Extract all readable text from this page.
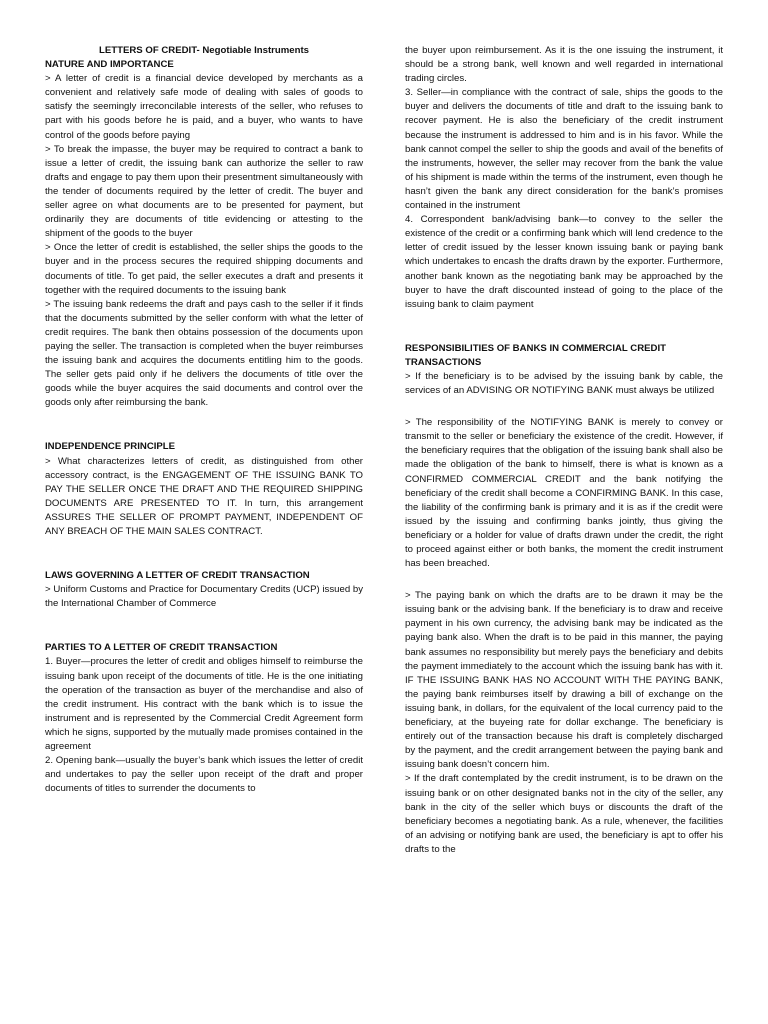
LETTERS OF CREDIT- Negotiable Instruments

NATURE AND IMPORTANCE

> A letter of credit is a financial device developed by merchants as a convenient and relatively safe mode of dealing with sales of goods to satisfy the seemingly irreconcilable interests of the seller, who refuses to part with his goods before he is paid, and a buyer, who wants to have control of the goods before paying

> To break the impasse, the buyer may be required to contract a bank to issue a letter of credit, the issuing bank can authorize the seller to raw drafts and engage to pay them upon their presentment simultaneously with the tender of documents required by the letter of credit. The buyer and seller agree on what documents are to be presented for payment, but ordinarily they are documents of title evidencing or attesting to the shipment of the goods to the buyer

> Once the letter of credit is established, the seller ships the goods to the buyer and in the process secures the required shipping documents and documents of title. To get paid, the seller executes a draft and presents it together with the required documents to the issuing bank

> The issuing bank redeems the draft and pays cash to the seller if it finds that the documents submitted by the seller conform with what the letter of credit requires. The bank then obtains possession of the documents upon paying the seller. The transaction is completed when the buyer reimburses the issuing bank and acquires the documents entitling him to the goods. The seller gets paid only if he delivers the documents of title over the goods while the buyer acquires the said documents and control over the goods only after reimbursing the bank.

INDEPENDENCE PRINCIPLE

> What characterizes letters of credit, as distinguished from other accessory contract, is the ENGAGEMENT OF THE ISSUING BANK TO PAY THE SELLER ONCE THE DRAFT AND THE REQUIRED SHIPPING DOCUMENTS ARE PRESENTED TO IT. In turn, this arrangement ASSURES THE SELLER OF PROMPT PAYMENT, INDEPENDENT OF ANY BREACH OF THE MAIN SALES CONTRACT.

LAWS GOVERNING A LETTER OF CREDIT TRANSACTION

> Uniform Customs and Practice for Documentary Credits (UCP) issued by the International Chamber of Commerce

PARTIES TO A LETTER OF CREDIT TRANSACTION

1. Buyer—procures the letter of credit and obliges himself to reimburse the issuing bank upon receipt of the documents of title. He is the one initiating the operation of the transaction as buyer of the merchandise and also of the credit instrument. His contract with the bank which is to issue the instrument and is represented by the Commercial Credit Agreement form which he signs, supported by the mutually made promises contained in the agreement

2. Opening bank—usually the buyer’s bank which issues the letter of credit and undertakes to pay the seller upon receipt of the draft and proper documents of titles to surrender the documents to

the buyer upon reimbursement. As it is the one issuing the instrument, it should be a strong bank, well known and well regarded in international trading circles.

3. Seller—in compliance with the contract of sale, ships the goods to the buyer and delivers the documents of title and draft to the issuing bank to recover payment. He is also the beneficiary of the credit instrument because the instrument is addressed to him and is in his favor. While the bank cannot compel the seller to ship the goods and avail of the benefits of the instruments, however, the seller may recover from the bank the value of his shipment is made within the terms of the instrument, even though he hasn’t given the bank any direct consideration for the bank’s promises contained in the instrument

4. Correspondent bank/advising bank—to convey to the seller the existence of the credit or a confirming bank which will lend credence to the letter of credit issued by the lesser known issuing bank or paying bank which undertakes to encash the drafts drawn by the exporter. Furthermore, another bank known as the negotiating bank may be approached by the buyer to have the draft discounted instead of going to the place of the issuing bank to claim payment

RESPONSIBILITIES OF BANKS IN COMMERCIAL CREDIT TRANSACTIONS

> If the beneficiary is to be advised by the issuing bank by cable, the services of an ADVISING OR NOTIFYING BANK must always be utilized

> The responsibility of the NOTIFYING BANK is merely to convey or transmit to the seller or beneficiary the existence of the credit. However, if the beneficiary requires that the obligation of the issuing bank shall also be made the obligation of the bank to himself, there is what is known as a CONFIRMED COMMERCIAL CREDIT and the bank notifying the beneficiary of the credit shall become a CONFIRMING BANK. In this case, the liability of the confirming bank is primary and it is as if the credit were issued by the issuing and confirming banks jointly, thus giving the beneficiary or a holder for value of drafts drawn under the credit, the right to proceed against either or both banks, the moment the credit instrument has been breached.

> The paying bank on which the drafts are to be drawn it may be the issuing bank or the advising bank. If the beneficiary is to draw and receive payment in his own currency, the advising bank may be indicated as the paying bank also. When the draft is to be paid in this manner, the paying bank assumes no responsibility but merely pays the beneficiary and debits the payment immediately to the account which the issuing bank has with it. IF THE ISSUING BANK HAS NO ACCOUNT WITH THE PAYING BANK, the paying bank reimburses itself by drawing a bill of exchange on the issuing bank, in dollars, for the equivalent of the local currency paid to the beneficiary, at the buyeing rate for dollar exchange. The beneficiary is entirely out of the transaction because his draft is completely discharged by the payment, and the credit arrangement between the paying bank and issuing bank doesn’t concern him.

> If the draft contemplated by the credit instrument, is to be drawn on the issuing bank or on other designated banks not in the city of the seller, any bank in the city of the seller which buys or discounts the draft of the beneficiary becomes a negotiating bank. As a rule, whenever, the facilities of an advising or notifying bank are used, the beneficiary is apt to offer his drafts to the
